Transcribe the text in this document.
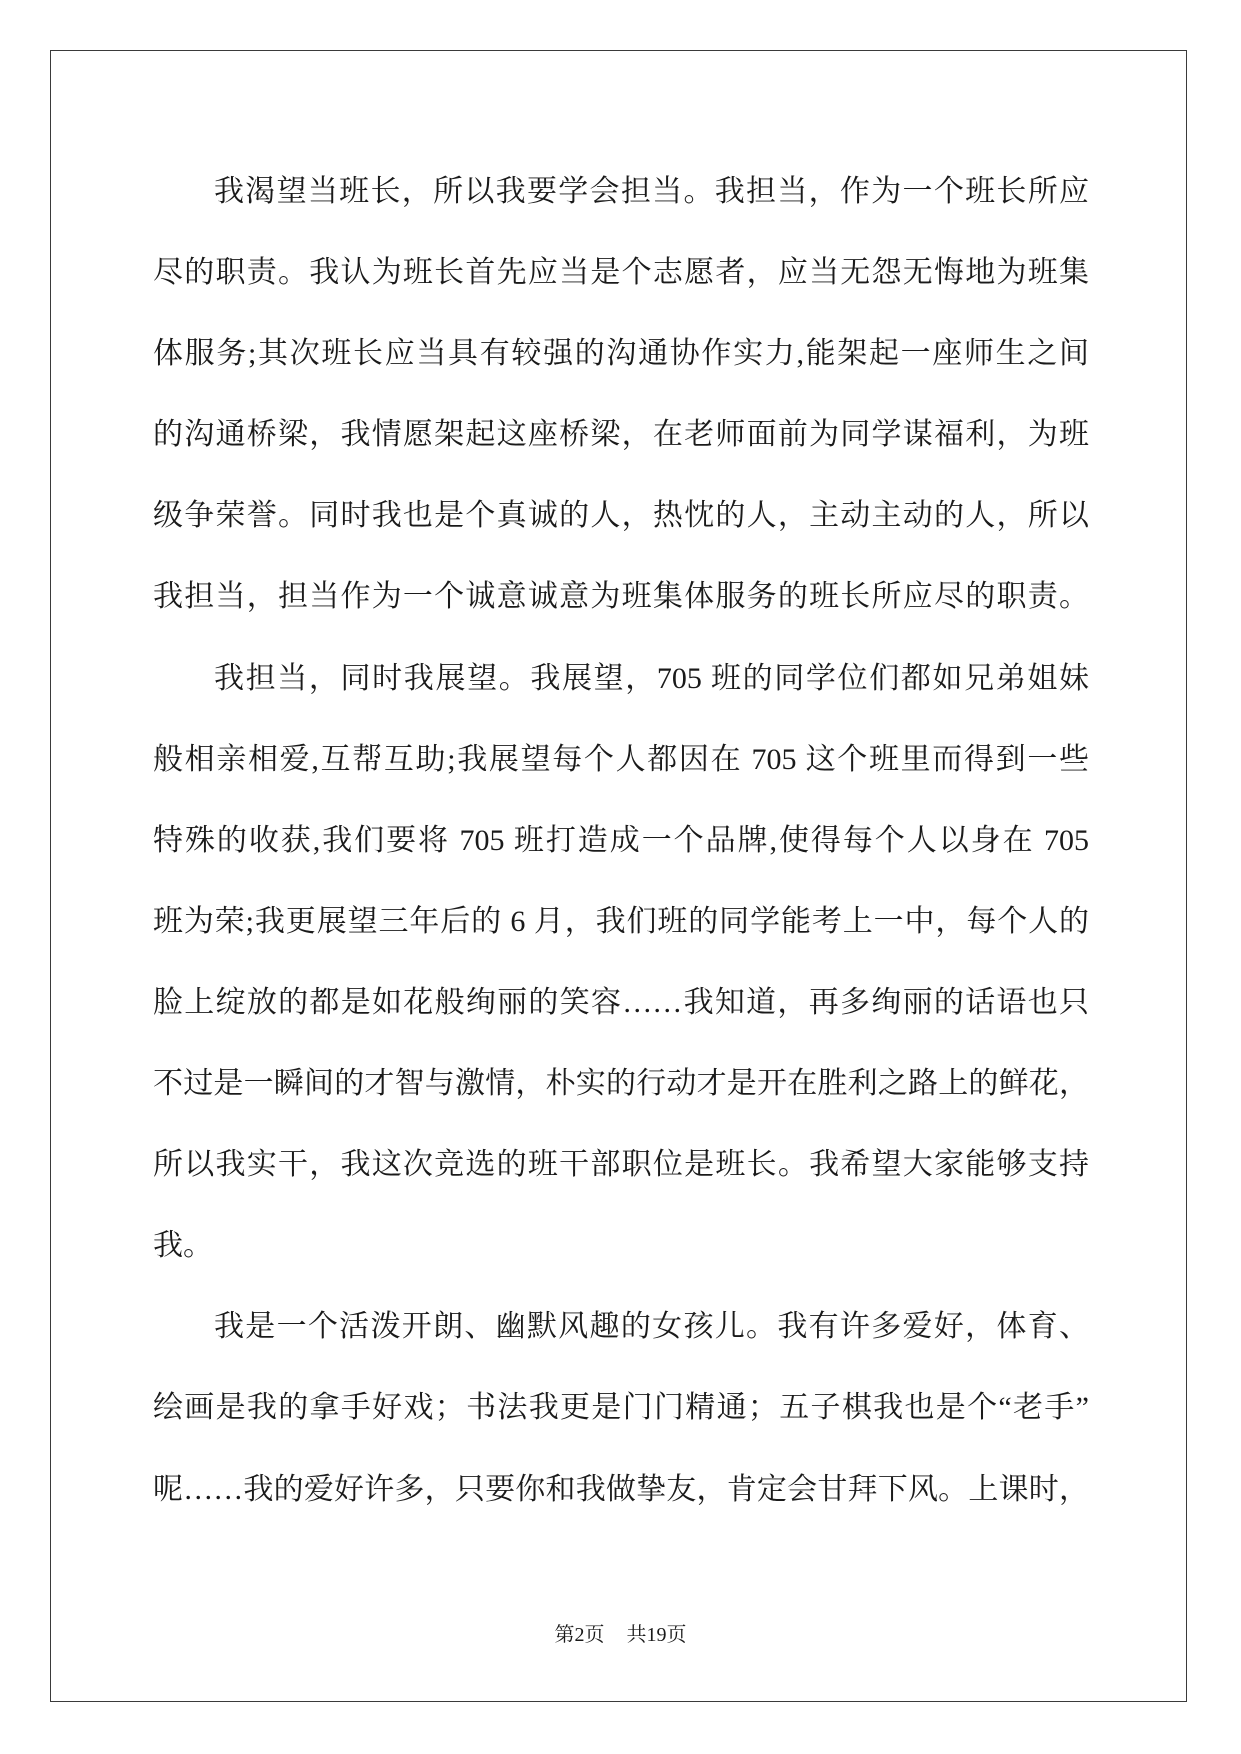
我渴望当班长，所以我要学会担当。我担当，作为一个班长所应
尽的职责。我认为班长首先应当是个志愿者，应当无怨无悔地为班集
体服务;其次班长应当具有较强的沟通协作实力,能架起一座师生之间
的沟通桥梁，我情愿架起这座桥梁，在老师面前为同学谋福利，为班
级争荣誉。同时我也是个真诚的人，热忱的人，主动主动的人，所以
我担当，担当作为一个诚意诚意为班集体服务的班长所应尽的职责。
我担当，同时我展望。我展望，705 班的同学位们都如兄弟姐妹
般相亲相爱,互帮互助;我展望每个人都因在 705 这个班里而得到一些
特殊的收获,我们要将 705 班打造成一个品牌,使得每个人以身在 705
班为荣;我更展望三年后的 6 月，我们班的同学能考上一中，每个人的
脸上绽放的都是如花般绚丽的笑容……我知道，再多绚丽的话语也只
不过是一瞬间的才智与激情，朴实的行动才是开在胜利之路上的鲜花，
所以我实干，我这次竞选的班干部职位是班长。我希望大家能够支持
我。
我是一个活泼开朗、幽默风趣的女孩儿。我有许多爱好，体育、
绘画是我的拿手好戏；书法我更是门门精通；五子棋我也是个“老手”
呢……我的爱好许多，只要你和我做挚友，肯定会甘拜下风。上课时，
第2页 共19页
